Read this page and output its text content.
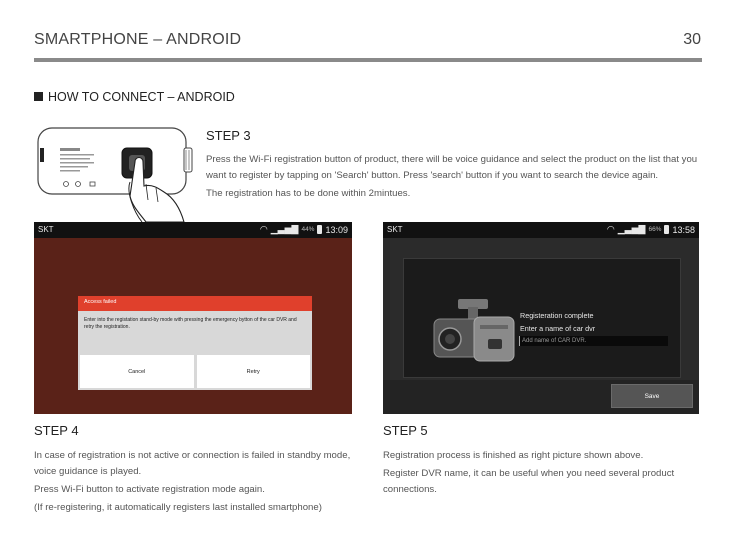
SMARTPHONE – ANDROID	30
HOW TO CONNECT – ANDROID
STEP 3

Press the Wi-Fi registration button of product, there will be voice guidance and select the product on the list that you want to register by tapping on 'Search' button. Press 'search' button if you want to search the device again.

The registration has to be done within 2mintues.

SKT	◠ ▁▃▅▇ 44% 13:09
Access failed
Enter into the registation stand-by mode with pressing the emergency bytton of the car DVR and retry the registration.
Cancel	Retry
SKT	◠ ▁▃▅▇ 66% 13:58
Registeration complete
Enter a name of car dvr
Add name of CAR DVR.
Save
STEP 4

In case of registration is not active or connection is failed in standby mode, voice guidance is played.

Press Wi-Fi button to activate registration mode again.

(If re-registering, it automatically registers last installed smartphone)

STEP 5

Registration process is finished as right picture shown above.

Register DVR name, it can be useful when you need several product connections.
